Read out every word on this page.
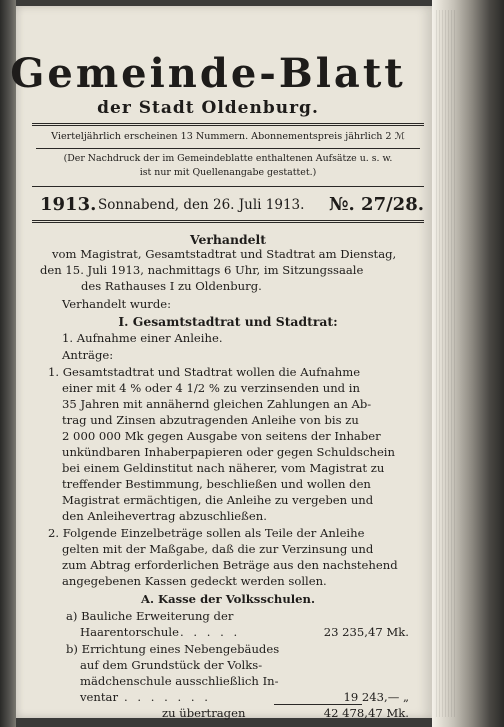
Gemeinde-Blatt
der Stadt Oldenburg.
Vierteljährlich erscheinen 13 Nummern. Abonnementspreis jährlich 2 ℳ
(Der Nachdruck der im Gemeindeblatte enthaltenen Aufsätze u. s. w.
ist nur mit Quellenangabe gestattet.)
1913. Sonnabend, den 26. Juli 1913. №. 27/28.
Verhandelt
vom Magistrat, Gesamtstadtrat und Stadtrat am Dienstag,
den 15. Juli 1913, nachmittags 6 Uhr, im Sitzungssaale
des Rathauses I zu Oldenburg.
Verhandelt wurde:
I. Gesamtstadtrat und Stadtrat:
1. Aufnahme einer Anleihe.
Anträge:
1. Gesamtstadtrat und Stadtrat wollen die Aufnahme
einer mit 4 % oder 4 1/2 % zu verzinsenden und in
35 Jahren mit annähernd gleichen Zahlungen an Ab-
trag und Zinsen abzutragenden Anleihe von bis zu
2 000 000 Mk gegen Ausgabe von seitens der Inhaber
unkündbaren Inhaberpapieren oder gegen Schuldschein
bei einem Geldinstitut nach näherer, vom Magistrat zu
treffender Bestimmung, beschließen und wollen den
Magistrat ermächtigen, die Anleihe zu vergeben und
den Anleihevertrag abzuschließen.
2. Folgende Einzelbeträge sollen als Teile der Anleihe
gelten mit der Maßgabe, daß die zur Verzinsung und
zum Abtrag erforderlichen Beträge aus den nachstehend
angegebenen Kassen gedeckt werden sollen.
A. Kasse der Volksschulen.
a) Bauliche Erweiterung der
Haarentorschule . . . . .	23 235,47 Mk.
b) Errichtung eines Nebengebäudes
auf dem Grundstück der Volks-
mädchenschule ausschließlich In-
ventar . . . . . . .	19 243,— „
zu übertragen	42 478,47 Mk.
